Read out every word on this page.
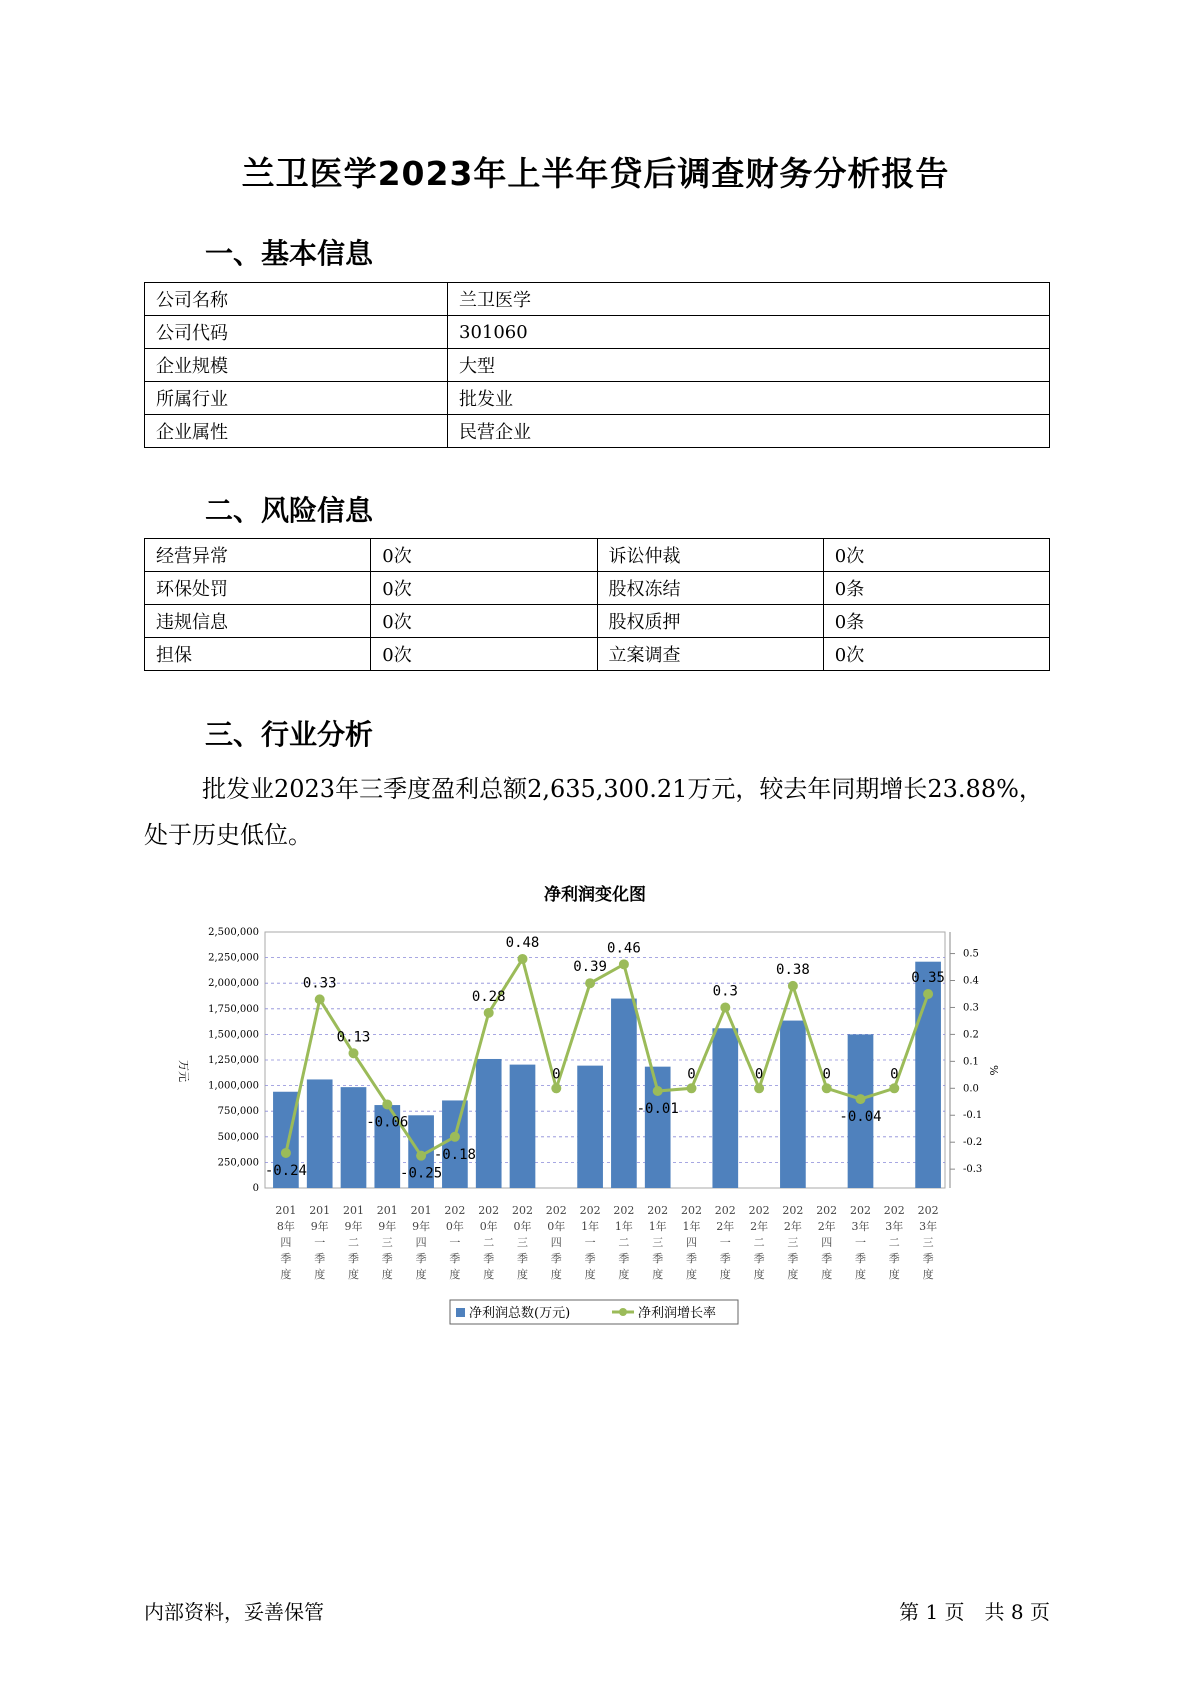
兰卫医学2023年上半年贷后调查财务分析报告
一、基本信息
公司名称	兰卫医学
公司代码	301060
企业规模	大型
所属行业	批发业
企业属性	民营企业
二、风险信息
经营异常	0次	诉讼仲裁	0次
环保处罚	0次	股权冻结	0条
违规信息	0次	股权质押	0条
担保	0次	立案调查	0次
三、行业分析
批发业2023年三季度盈利总额2,635,300.21万元，较去年同期增长23.88%，处于历史低位。
净利润变化图
0
250,000
500,000
750,000
1,000,000
1,250,000
1,500,000
1,750,000
2,000,000
2,250,000
2,500,000
万元
-0.3
-0.2
-0.1
0.0
0.1
0.2
0.3
0.4
0.5
%
-0.24
0.33
0.13
-0.06
-0.25
-0.18
0.28
0.48
0
0.39
0.46
-0.01
0
0.3
0
0.38
0
-0.04
0
0.35
201
8年
四
季
度
201
9年
一
季
度
201
9年
二
季
度
201
9年
三
季
度
201
9年
四
季
度
202
0年
一
季
度
202
0年
二
季
度
202
0年
三
季
度
202
0年
四
季
度
202
1年
一
季
度
202
1年
二
季
度
202
1年
三
季
度
202
1年
四
季
度
202
2年
一
季
度
202
2年
二
季
度
202
2年
三
季
度
202
2年
四
季
度
202
3年
一
季
度
202
3年
二
季
度
202
3年
三
季
度
净利润总数(万元)	净利润增长率
内部资料，妥善保管	第 1 页　共 8 页
